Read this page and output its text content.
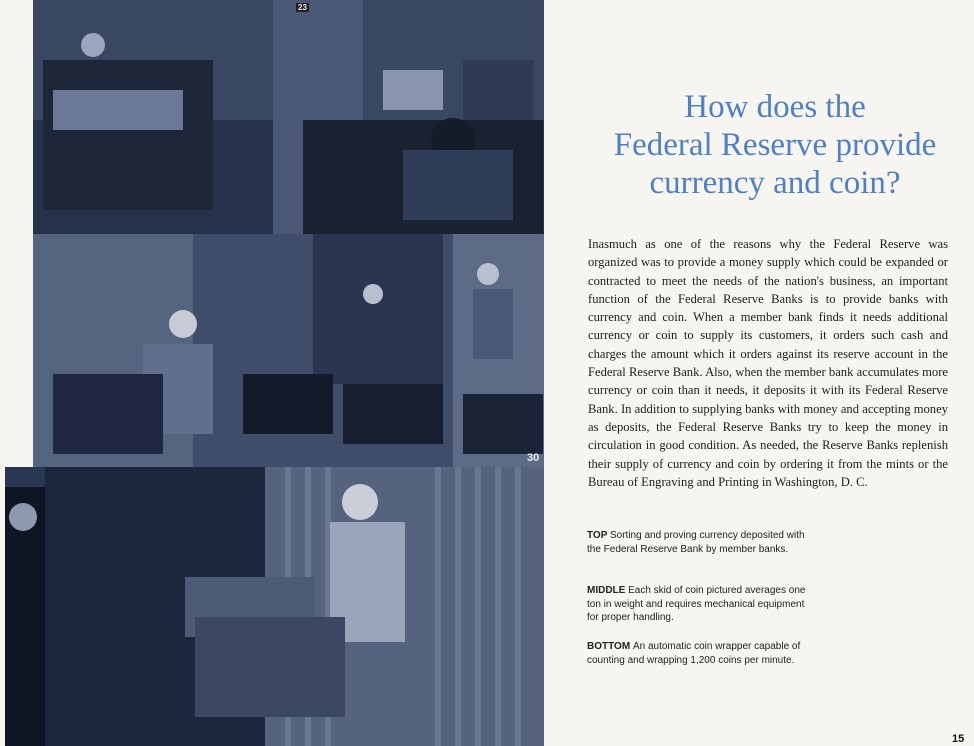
23
30
How does the
Federal Reserve provide
currency and coin?

Inasmuch as one of the reasons why the Federal Reserve was organized was to provide a money supply which could be expanded or contracted to meet the needs of the nation's business, an important function of the Federal Reserve Banks is to provide banks with currency and coin. When a member bank finds it needs additional currency or coin to supply its customers, it orders such cash and charges the amount which it orders against its reserve account in the Federal Reserve Bank. Also, when the member bank accumulates more currency or coin than it needs, it deposits it with its Federal Reserve Bank. In addition to supplying banks with money and accepting money as deposits, the Federal Reserve Banks try to keep the money in circulation in good condition. As needed, the Reserve Banks replenish their supply of currency and coin by ordering it from the mints or the Bureau of Engraving and Printing in Washington, D. C.

TOP Sorting and proving currency deposited with the Federal Reserve Bank by member banks.

MIDDLE Each skid of coin pictured averages one ton in weight and requires mechanical equipment for proper handling.

BOTTOM An automatic coin wrapper capable of counting and wrapping 1,200 coins per minute.

15
